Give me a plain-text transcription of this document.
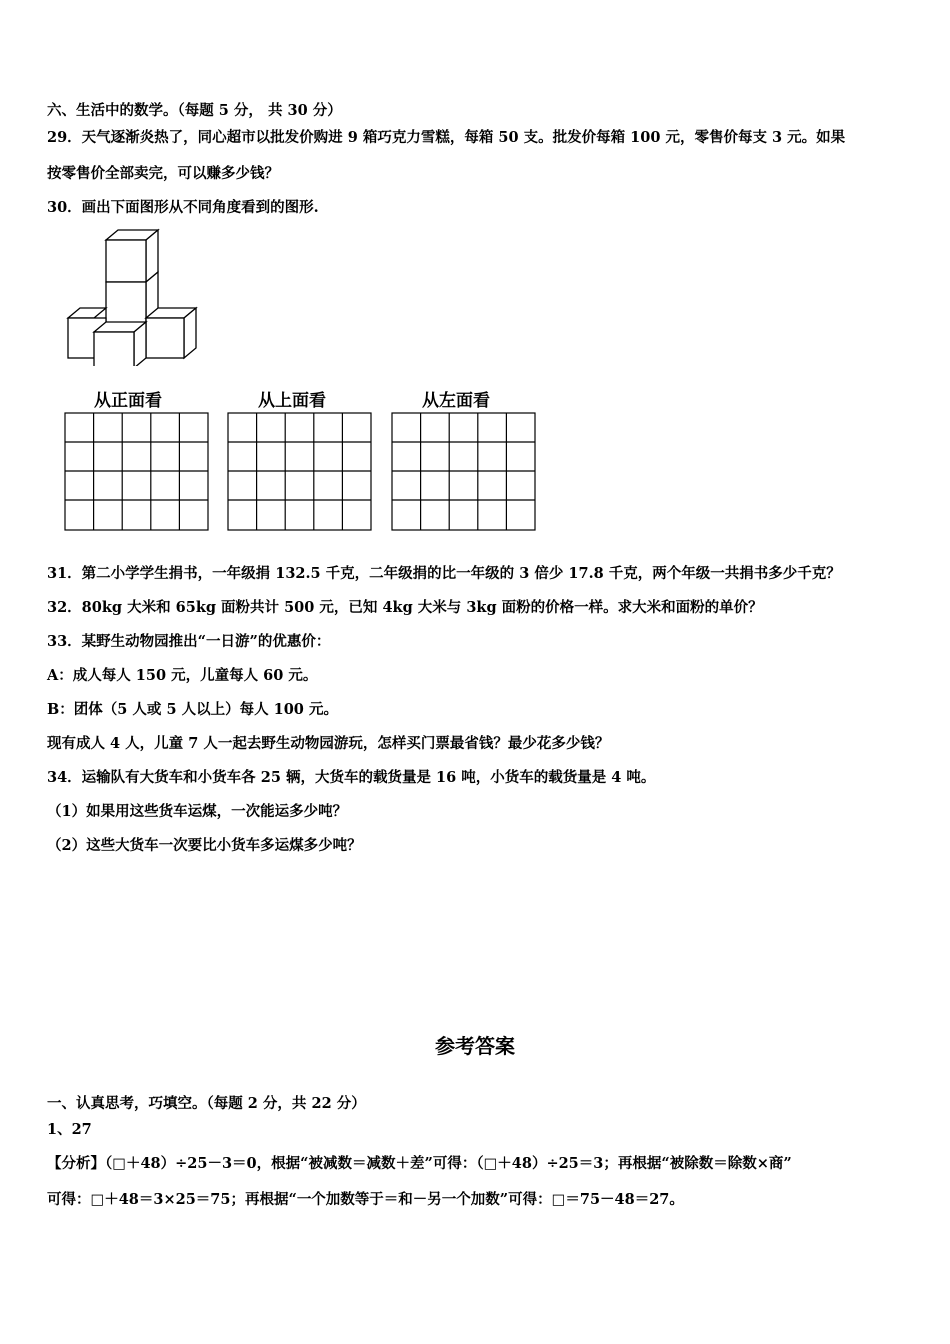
六、生活中的数学。（每题 5 分， 共 30 分）
29．天气逐渐炎热了，同心超市以批发价购进 9 箱巧克力雪糕，每箱 50 支。批发价每箱 100 元，零售价每支 3 元。如果
按零售价全部卖完，可以赚多少钱？
30．画出下面图形从不同角度看到的图形.
从正面看	从上面看	从左面看
31．第二小学学生捐书，一年级捐 132.5 千克，二年级捐的比一年级的 3 倍少 17.8 千克，两个年级一共捐书多少千克？
32．80kg 大米和 65kg 面粉共计 500 元，已知 4kg 大米与 3kg 面粉的价格一样。求大米和面粉的单价？
33．某野生动物园推出“一日游”的优惠价：
A：成人每人 150 元，儿童每人 60 元。
B：团体（5 人或 5 人以上）每人 100 元。
现有成人 4 人，儿童 7 人一起去野生动物园游玩，怎样买门票最省钱？最少花多少钱？
34．运输队有大货车和小货车各 25 辆，大货车的载货量是 16 吨，小货车的载货量是 4 吨。
（1）如果用这些货车运煤，一次能运多少吨？
（2）这些大货车一次要比小货车多运煤多少吨？
参考答案
一、认真思考，巧填空。（每题 2 分，共 22 分）
1、27
【分析】（□＋48）÷25－3＝0，根据“被减数＝减数＋差”可得：（□＋48）÷25＝3；再根据“被除数＝除数×商”
可得：□＋48＝3×25＝75；再根据“一个加数等于＝和－另一个加数”可得：□＝75－48＝27。
